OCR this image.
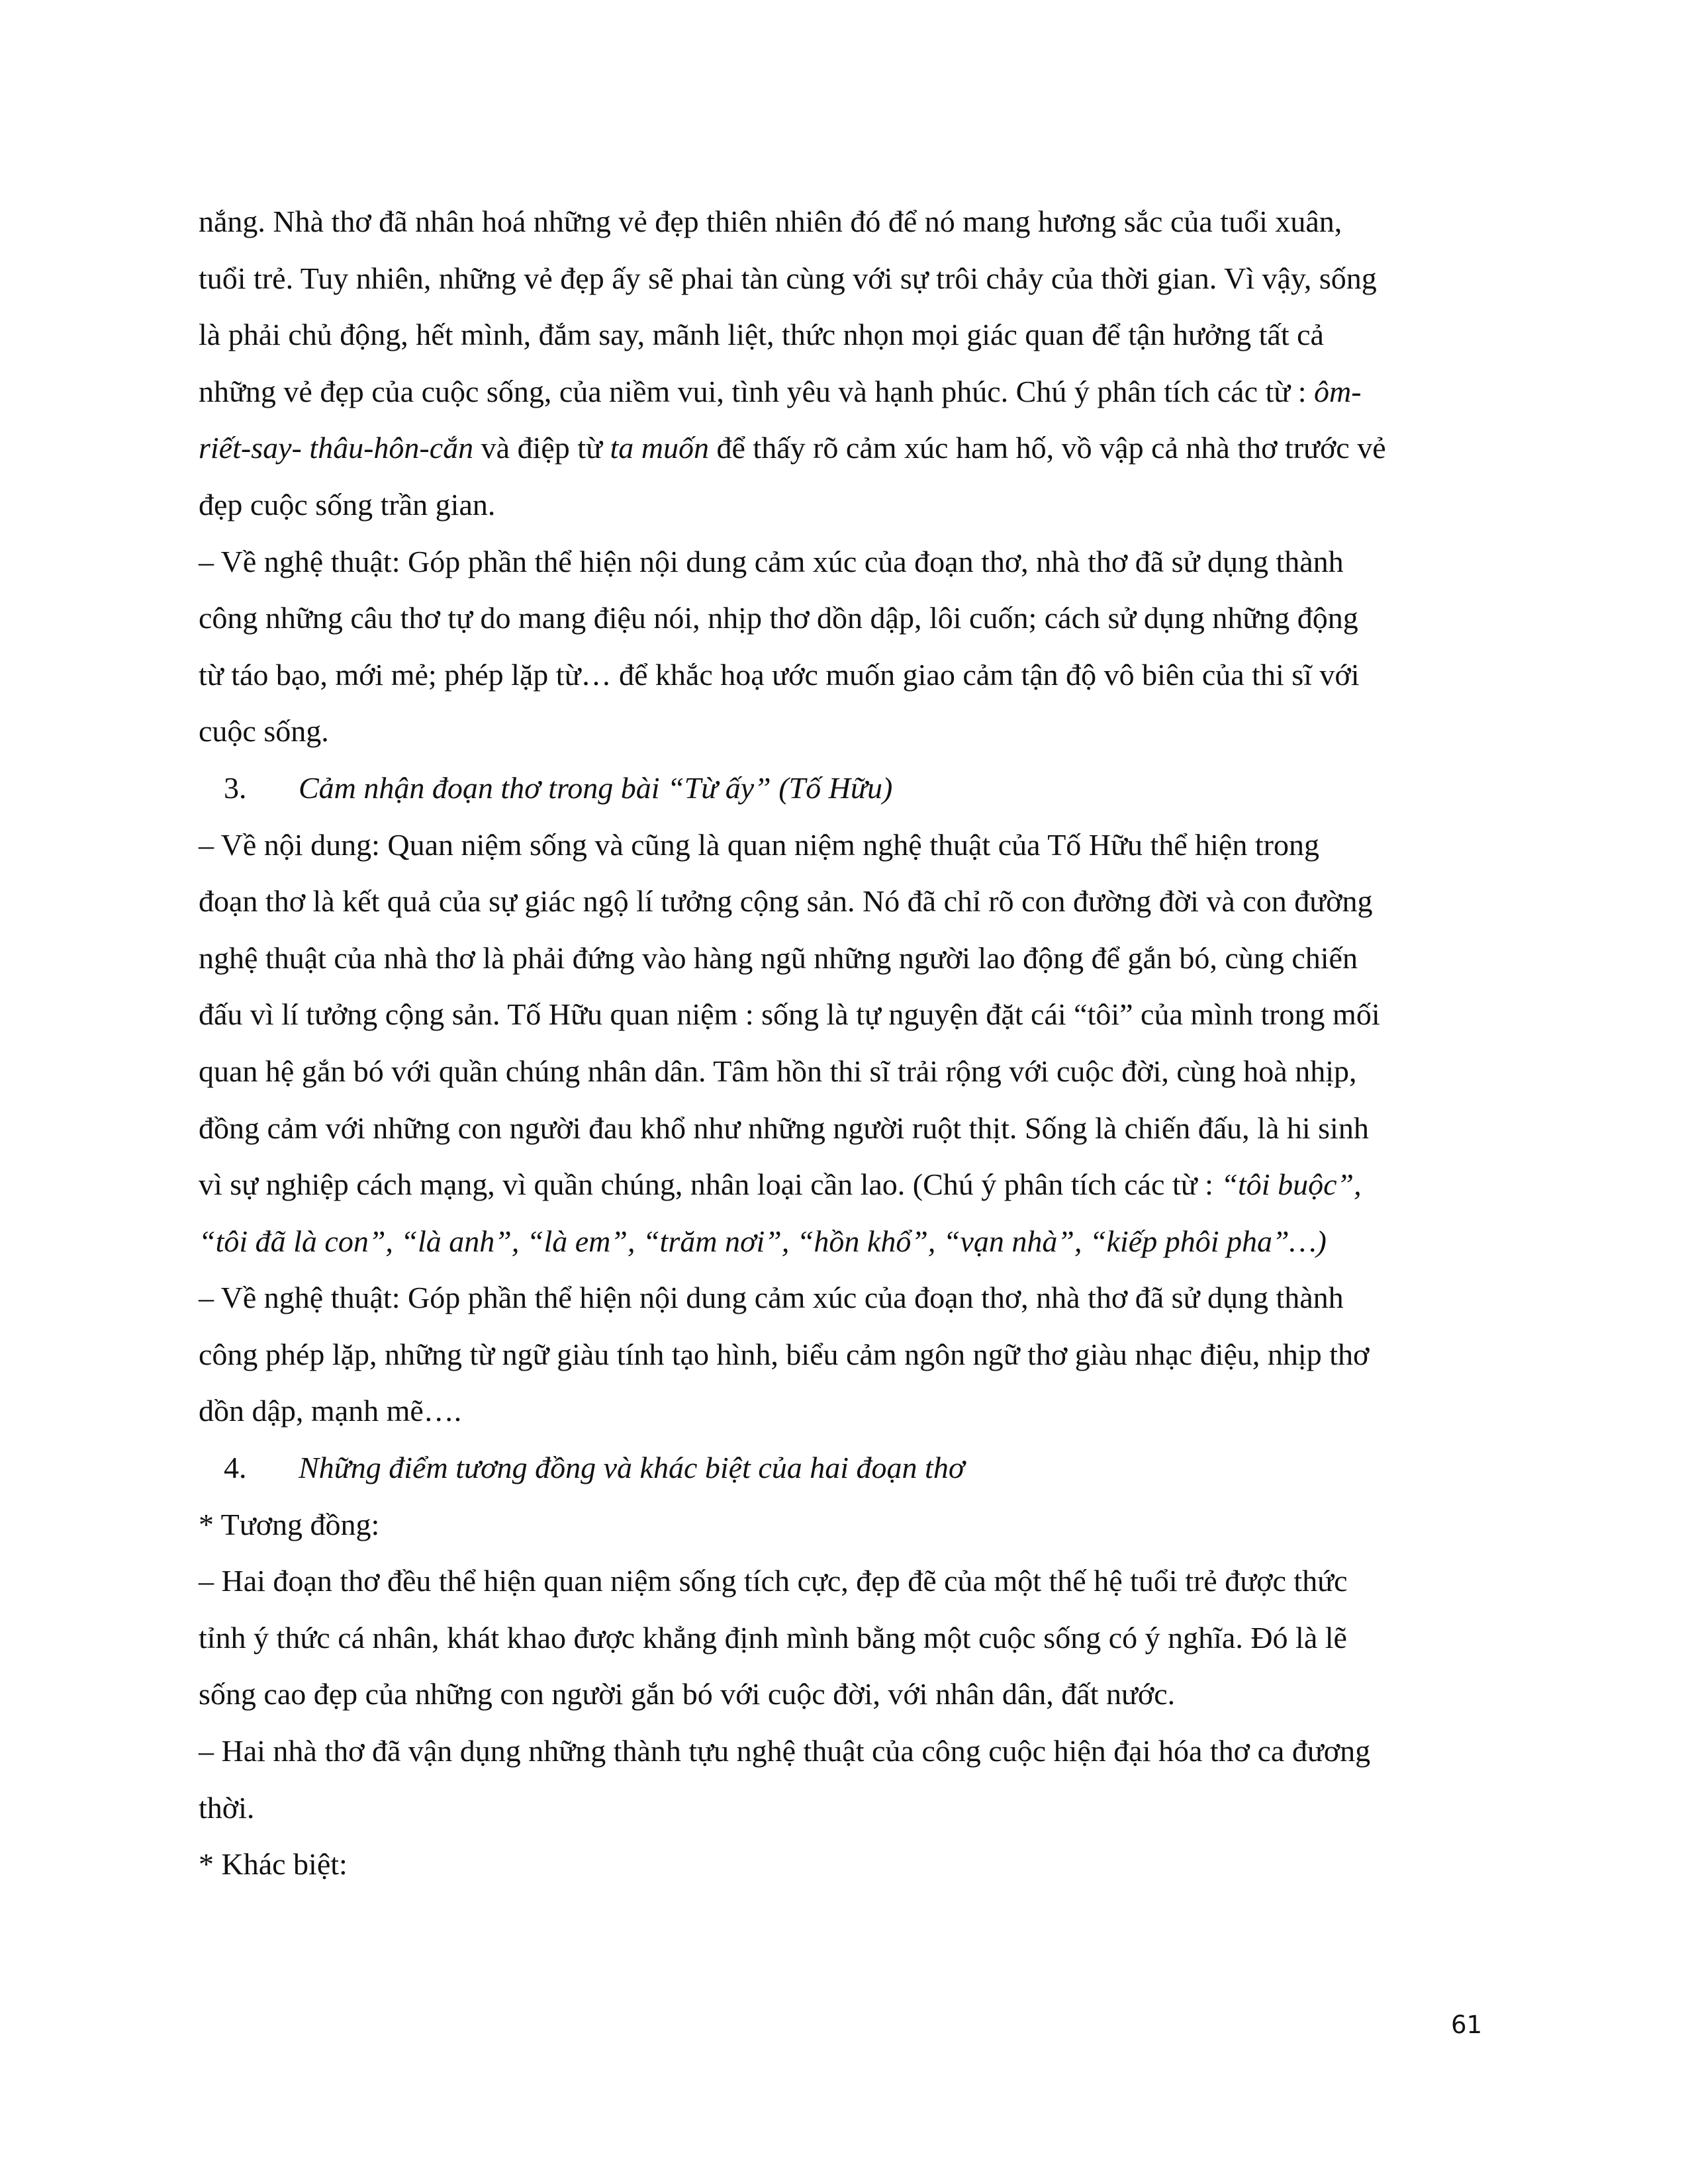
nắng. Nhà thơ đã nhân hoá những vẻ đẹp thiên nhiên đó để nó mang hương sắc của tuổi xuân,
tuổi trẻ. Tuy nhiên, những vẻ đẹp ấy sẽ phai tàn cùng với sự trôi chảy của thời gian. Vì vậy, sống
là phải chủ động, hết mình, đắm say, mãnh liệt, thức nhọn mọi giác quan để tận hưởng tất cả
những vẻ đẹp của cuộc sống, của niềm vui, tình yêu và hạnh phúc. Chú ý phân tích các từ : ôm-
riết-say- thâu-hôn-cắn và điệp từ ta muốn để thấy rõ cảm xúc ham hố, vồ vập cả nhà thơ trước vẻ
đẹp cuộc sống trần gian.

– Về nghệ thuật: Góp phần thể hiện nội dung cảm xúc của đoạn thơ, nhà thơ đã sử dụng thành
công những câu thơ tự do mang điệu nói, nhịp thơ dồn dập, lôi cuốn; cách sử dụng những động
từ táo bạo, mới mẻ; phép lặp từ… để khắc hoạ ước muốn giao cảm tận độ vô biên của thi sĩ với
cuộc sống.

3. Cảm nhận đoạn thơ trong bài “Từ ấy” (Tố Hữu)

– Về nội dung: Quan niệm sống và cũng là quan niệm nghệ thuật của Tố Hữu thể hiện trong
đoạn thơ là kết quả của sự giác ngộ lí tưởng cộng sản. Nó đã chỉ rõ con đường đời và con đường
nghệ thuật của nhà thơ là phải đứng vào hàng ngũ những người lao động để gắn bó, cùng chiến
đấu vì lí tưởng cộng sản. Tố Hữu quan niệm : sống là tự nguyện đặt cái “tôi” của mình trong mối
quan hệ gắn bó với quần chúng nhân dân. Tâm hồn thi sĩ trải rộng với cuộc đời, cùng hoà nhịp,
đồng cảm với những con người đau khổ như những người ruột thịt. Sống là chiến đấu, là hi sinh
vì sự nghiệp cách mạng, vì quần chúng, nhân loại cần lao. (Chú ý phân tích các từ : “tôi buộc”,
“tôi đã là con”, “là anh”, “là em”, “trăm nơi”, “hồn khổ”, “vạn nhà”, “kiếp phôi pha”…)

– Về nghệ thuật: Góp phần thể hiện nội dung cảm xúc của đoạn thơ, nhà thơ đã sử dụng thành
công phép lặp, những từ ngữ giàu tính tạo hình, biểu cảm ngôn ngữ thơ giàu nhạc điệu, nhịp thơ
dồn dập, mạnh mẽ….

4. Những điểm tương đồng và khác biệt của hai đoạn thơ

* Tương đồng:

– Hai đoạn thơ đều thể hiện quan niệm sống tích cực, đẹp đẽ của một thế hệ tuổi trẻ được thức
tỉnh ý thức cá nhân, khát khao được khẳng định mình bằng một cuộc sống có ý nghĩa. Đó là lẽ
sống cao đẹp của những con người gắn bó với cuộc đời, với nhân dân, đất nước.

– Hai nhà thơ đã vận dụng những thành tựu nghệ thuật của công cuộc hiện đại hóa thơ ca đương
thời.

* Khác biệt:

61
